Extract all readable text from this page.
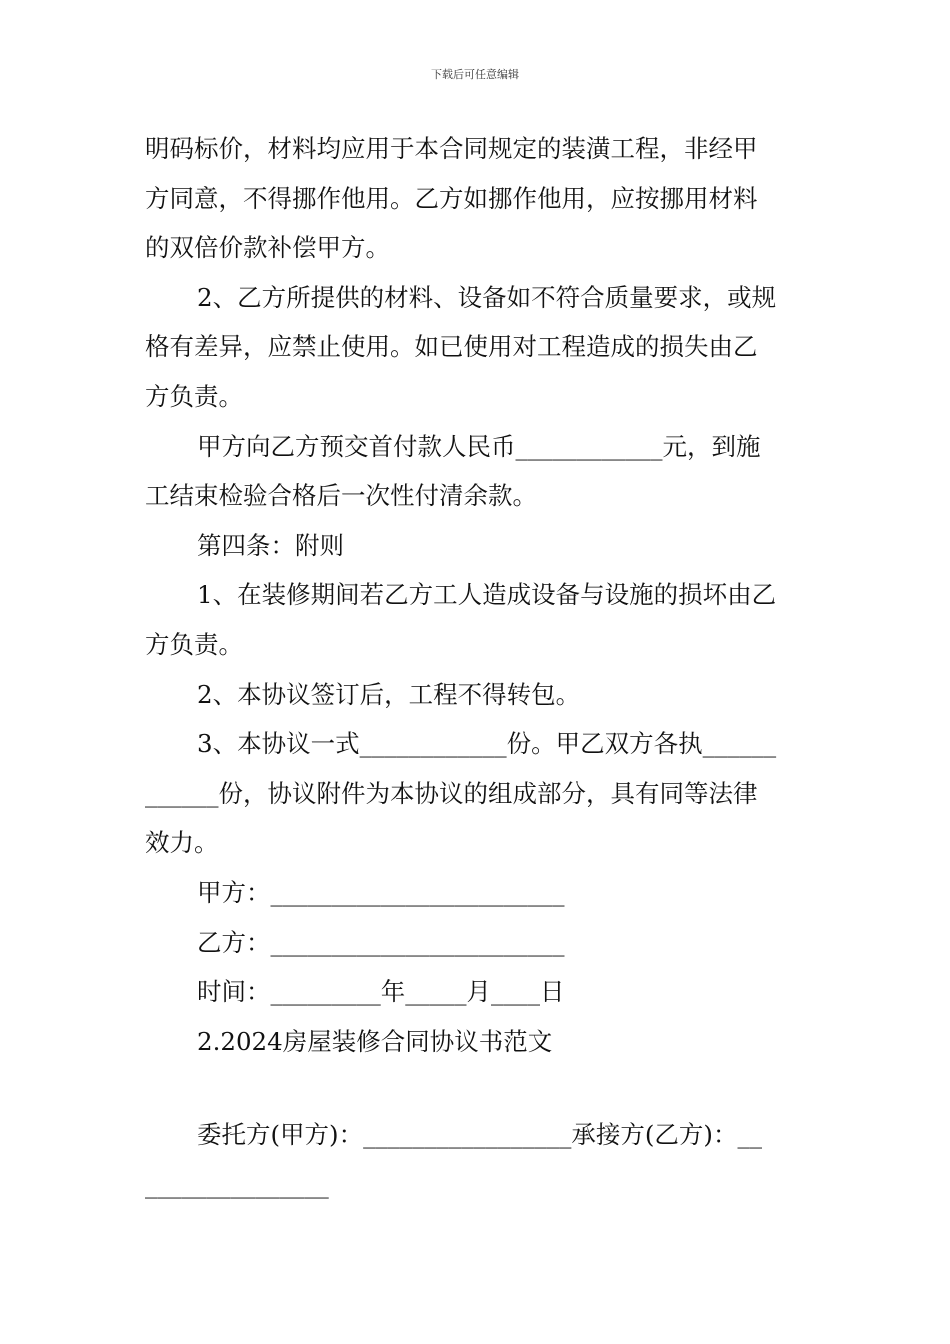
下载后可任意编辑
明码标价，材料均应用于本合同规定的装潢工程，非经甲
方同意，不得挪作他用。乙方如挪作他用，应按挪用材料
的双倍价款补偿甲方。
2、乙方所提供的材料、设备如不符合质量要求，或规
格有差异，应禁止使用。如已使用对工程造成的损失由乙
方负责。
甲方向乙方预交首付款人民币____________元，到施
工结束检验合格后一次性付清余款。
第四条：附则
1、在装修期间若乙方工人造成设备与设施的损坏由乙
方负责。
2、本协议签订后，工程不得转包。
3、本协议一式____________份。甲乙双方各执______
______份，协议附件为本协议的组成部分，具有同等法律
效力。
甲方：________________________
乙方：________________________
时间：_________年_____月____日
2.2024房屋装修合同协议书范文
委托方(甲方)：_________________承接方(乙方)：__
_______________
